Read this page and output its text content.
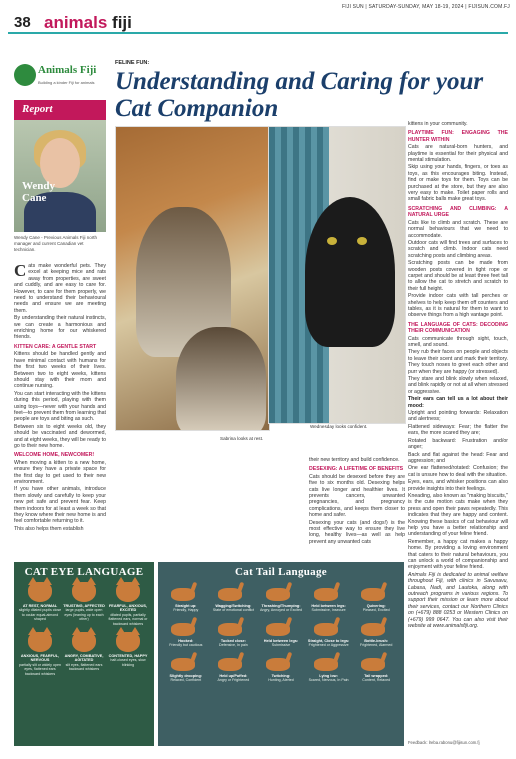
FIJI SUN | SATURDAY-SUNDAY, MAY 18-19, 2024 | FIJISUN.COM.FJ
38 animals fiji
Animals Fiji
Building a kinder Fiji for animals
Report
Wendy Cane
Wendy Cane - Previous Animals Fiji north manager and current Canadian vet technician.
FELINE FUN:
Understanding and Caring for your Cat Companion
Cats make wonderful pets. They excel at keeping mice and rats away from properties, are sweet and cuddly, and are easy to care for. However, to care for them properly, we need to understand their behavioural needs and ensure we are meeting them.
By understanding their natural instincts, we can create a harmonious and enriching home for our whiskered friends.
KITTEN CARE: A GENTLE START
Kittens should be handled gently and have minimal contact with humans for the first two weeks of their lives. Between two to eight weeks, kittens should stay with their mom and continue nursing.
You can start interacting with the kittens during this period, playing with them using toys—never with your hands and feet—to prevent them from learning that people are toys and biting as such.
Between six to eight weeks old, they should be vaccinated and dewormed, and at eight weeks, they will be ready to go to their new home.
WELCOME HOME, NEWCOMER!
When moving a kitten to a new home, ensure they have a private space for the first day to get used to their new environment.
If you have other animals, introduce them slowly and carefully to keep your new pet safe and prevent fear. Keep them indoors for at least a week so that they know where their new home is and feel comfortable returning to it.
This also helps them establish
Wednesday looks confident.
Sabrina looks at rest.
their new territory and build confidence.
DESEXING: A LIFETIME OF BENEFITS
Cats should be desexed before they are five to six months old. Desexing helps cats live longer and healthier lives. It prevents cancers, unwanted pregnancies, and pregnancy complications, and keeps them closer to home and safer.
Desexing your cats (and dogs!) is the most effective way to ensure they live long, healthy lives—as well as help prevent any unwanted cats
kittens in your community.
PLAYTIME FUN: ENGAGING THE HUNTER WITHIN
Cats are natural-born hunters, and playtime is essential for their physical and mental stimulation.
Skip using your hands, fingers, or toes as toys, as this encourages biting. Instead, find or make toys for them. Toys can be purchased at the store, but they are also very easy to make. Toilet paper rolls and small fabric balls make great toys.
SCRATCHING AND CLIMBING: A NATURAL URGE
Cats like to climb and scratch. These are normal behaviours that we need to accommodate.
Outdoor cats will find trees and surfaces to scratch and climb. Indoor cats need scratching posts and climbing areas.
Scratching posts can be made from wooden posts covered in tight rope or carpet and should be at least three feet tall to allow the cat to stretch and scratch to their full height.
Provide indoor cats with tall perches or shelves to help keep them off counters and tables, as it is natural for them to want to observe things from a high vantage point.
THE LANGUAGE OF CATS: DECODING THEIR COMMUNICATION
Cats communicate through sight, touch, smell, and sound.
They rub their faces on people and objects to leave their scent and mark their territory. They touch noses to greet each other and purr when they are happy (or stressed).
They stare and blink slowly when relaxed, and blink rapidly or not at all when stressed or aggressive.
Their ears can tell us a lot about their mood:
Upright and pointing forwards: Relaxation and alertness;
Flattened sideways: Fear; the flatter the ears, the more scared they are;
Rotated backward: Frustration and/or anger;
Back and flat against the head: Fear and aggression; and
One ear flattened/rotated: Confusion; the cat is unsure how to deal with the situation.
Eyes, ears, and whisker positions can also provide insights into their feelings.
Kneading, also known as "making biscuits," is the cute motion cats make when they press and open their paws repeatedly. This indicates that they are happy and content. Knowing these basics of cat behaviour will help you have a better relationship and understanding of your feline friend.
Remember, a happy cat makes a happy home. By providing a loving environment that caters to their natural behaviours, you can unlock a world of companionship and enjoyment with your feline friend.
Animals Fiji is dedicated to animal welfare throughout Fiji, with clinics in Savusavu, Labasa, Nadi, and Lautoka, along with outreach programs in various regions. To support their mission or learn more about their services, contact our Northern Clinics on (+679) 888 0253 or Western Clinics on (+679) 999 0647. You can also visit their website at www.animalsfiji.org.
Feedback: lreba.rabonu@fijisun.com.fj
CAT EYE LANGUAGE
AT REST, NORMAL
slightly dilated pupils close to ocular equal-almond shaped
TRUSTING, AFFECTED
large pupils, wide open eyes (leaning up to each other)
FEARFUL, ANXIOUS, EXCITED
dilated pupils, partially flattened ears, normal or backward whiskers
ANXIOUS, FEARFUL, NERVOUS
partially slit or widely open eyes, flattened ears backward whiskers
ANGRY, COMBATIVE, AGITATED
slit eyes, flattened ears backward whiskers
CONTENTED, HAPPY
half-closed eyes, slow blinking
Cat Tail Language
Straight up:
Friendly, Happy
Wagging/Switching:
State of emotional conflict
Thrashing/Thumping:
Angry, Annoyed or Excited
Held between legs:
Submissive, Insecure
Quivering:
Pleased, Excited
Hooked:
Friendly but cautious
Tucked close:
Defensive, In pain
Held between legs:
Submissive
Straight, Close to legs:
Frightened or Aggressive
Bottle-brush:
Frightened, Alarmed
Slightly drooping:
Relaxed, Confident
Held up/Puffed:
Angry or Frightened
Twitching:
Hunting, Alerted
Lying low:
Scared, Nervous, In Pain
Tail wrapped:
Content, Relaxed
